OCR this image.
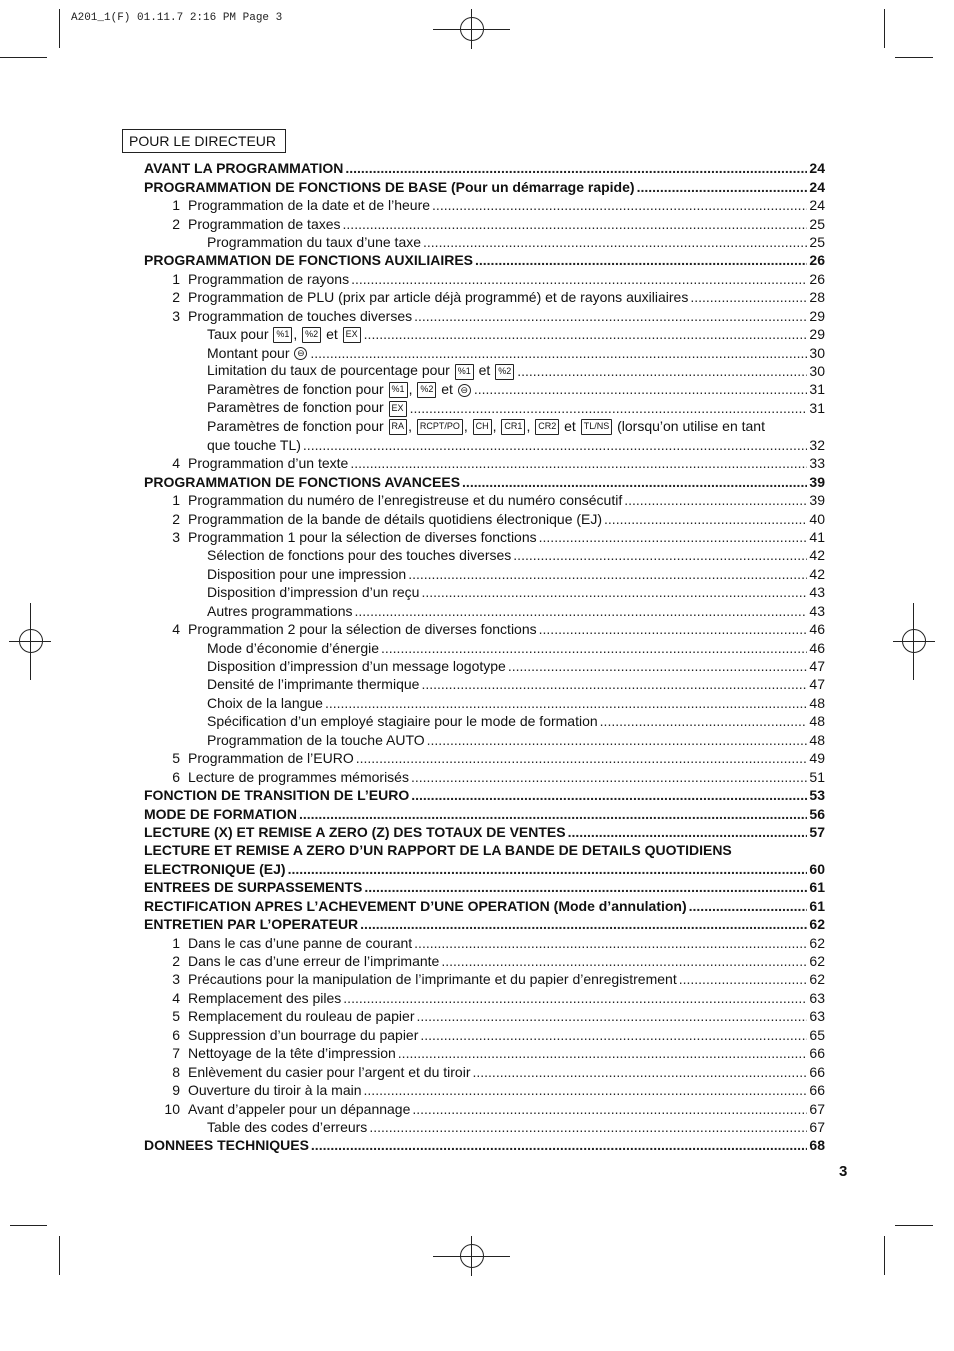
A201_1(F) 01.11.7 2:16 PM Page 3
POUR LE DIRECTEUR
AVANT LA PROGRAMMATION .....	24
PROGRAMMATION DE FONCTIONS DE BASE (Pour un démarrage rapide) .....	24
1 Programmation de la date et de l’heure .....	24
2 Programmation de taxes .....	25
Programmation du taux d’une taxe .....	25
PROGRAMMATION DE FONCTIONS AUXILIAIRES .....	26
1 Programmation de rayons .....	26
2 Programmation de PLU (prix par article déjà programmé) et de rayons auxiliaires .....	28
3 Programmation de touches diverses .....	29
Taux pour %1 , %2 et EX .....	29
Montant pour ⊖ .....	30
Limitation du taux de pourcentage pour %1 et %2 .....	30
Paramètres de fonction pour %1 , %2 et ⊖ .....	31
Paramètres de fonction pour EX .....	31
Paramètres de fonction pour RA , RCPT/PO , CH , CR1 , CR2 et TL/NS (lorsqu’on utilise en tant
que touche TL) .....	32
4 Programmation d’un texte .....	33
PROGRAMMATION DE FONCTIONS AVANCEES .....	39
1 Programmation du numéro de l’enregistreuse et du numéro consécutif .....	39
2 Programmation de la bande de détails quotidiens électronique (EJ) .....	40
3 Programmation 1 pour la sélection de diverses fonctions .....	41
Sélection de fonctions pour des touches diverses .....	42
Disposition pour une impression .....	42
Disposition d’impression d’un reçu .....	43
Autres programmations .....	43
4 Programmation 2 pour la sélection de diverses fonctions .....	46
Mode d’économie d’énergie .....	46
Disposition d’impression d’un message logotype .....	47
Densité de l’imprimante thermique .....	47
Choix de la langue .....	48
Spécification d’un employé stagiaire pour le mode de formation .....	48
Programmation de la touche AUTO .....	48
5 Programmation de l’EURO .....	49
6 Lecture de programmes mémorisés .....	51
FONCTION DE TRANSITION DE L’EURO .....	53
MODE DE FORMATION .....	56
LECTURE (X) ET REMISE A ZERO (Z) DES TOTAUX DE VENTES .....	57
LECTURE ET REMISE A ZERO D’UN RAPPORT DE LA BANDE DE DETAILS QUOTIDIENS
ELECTRONIQUE (EJ) .....	60
ENTREES DE SURPASSEMENTS .....	61
RECTIFICATION APRES L’ACHEVEMENT D’UNE OPERATION (Mode d’annulation) .....	61
ENTRETIEN PAR L’OPERATEUR .....	62
1 Dans le cas d’une panne de courant .....	62
2 Dans le cas d’une erreur de l’imprimante .....	62
3 Précautions pour la manipulation de l’imprimante et du papier d’enregistrement .....	62
4 Remplacement des piles .....	63
5 Remplacement du rouleau de papier .....	63
6 Suppression d’un bourrage du papier .....	65
7 Nettoyage de la tête d’impression .....	66
8 Enlèvement du casier pour l’argent et du tiroir .....	66
9 Ouverture du tiroir à la main .....	66
10 Avant d’appeler pour un dépannage .....	67
Table des codes d’erreurs .....	67
DONNEES TECHNIQUES .....	68
3
